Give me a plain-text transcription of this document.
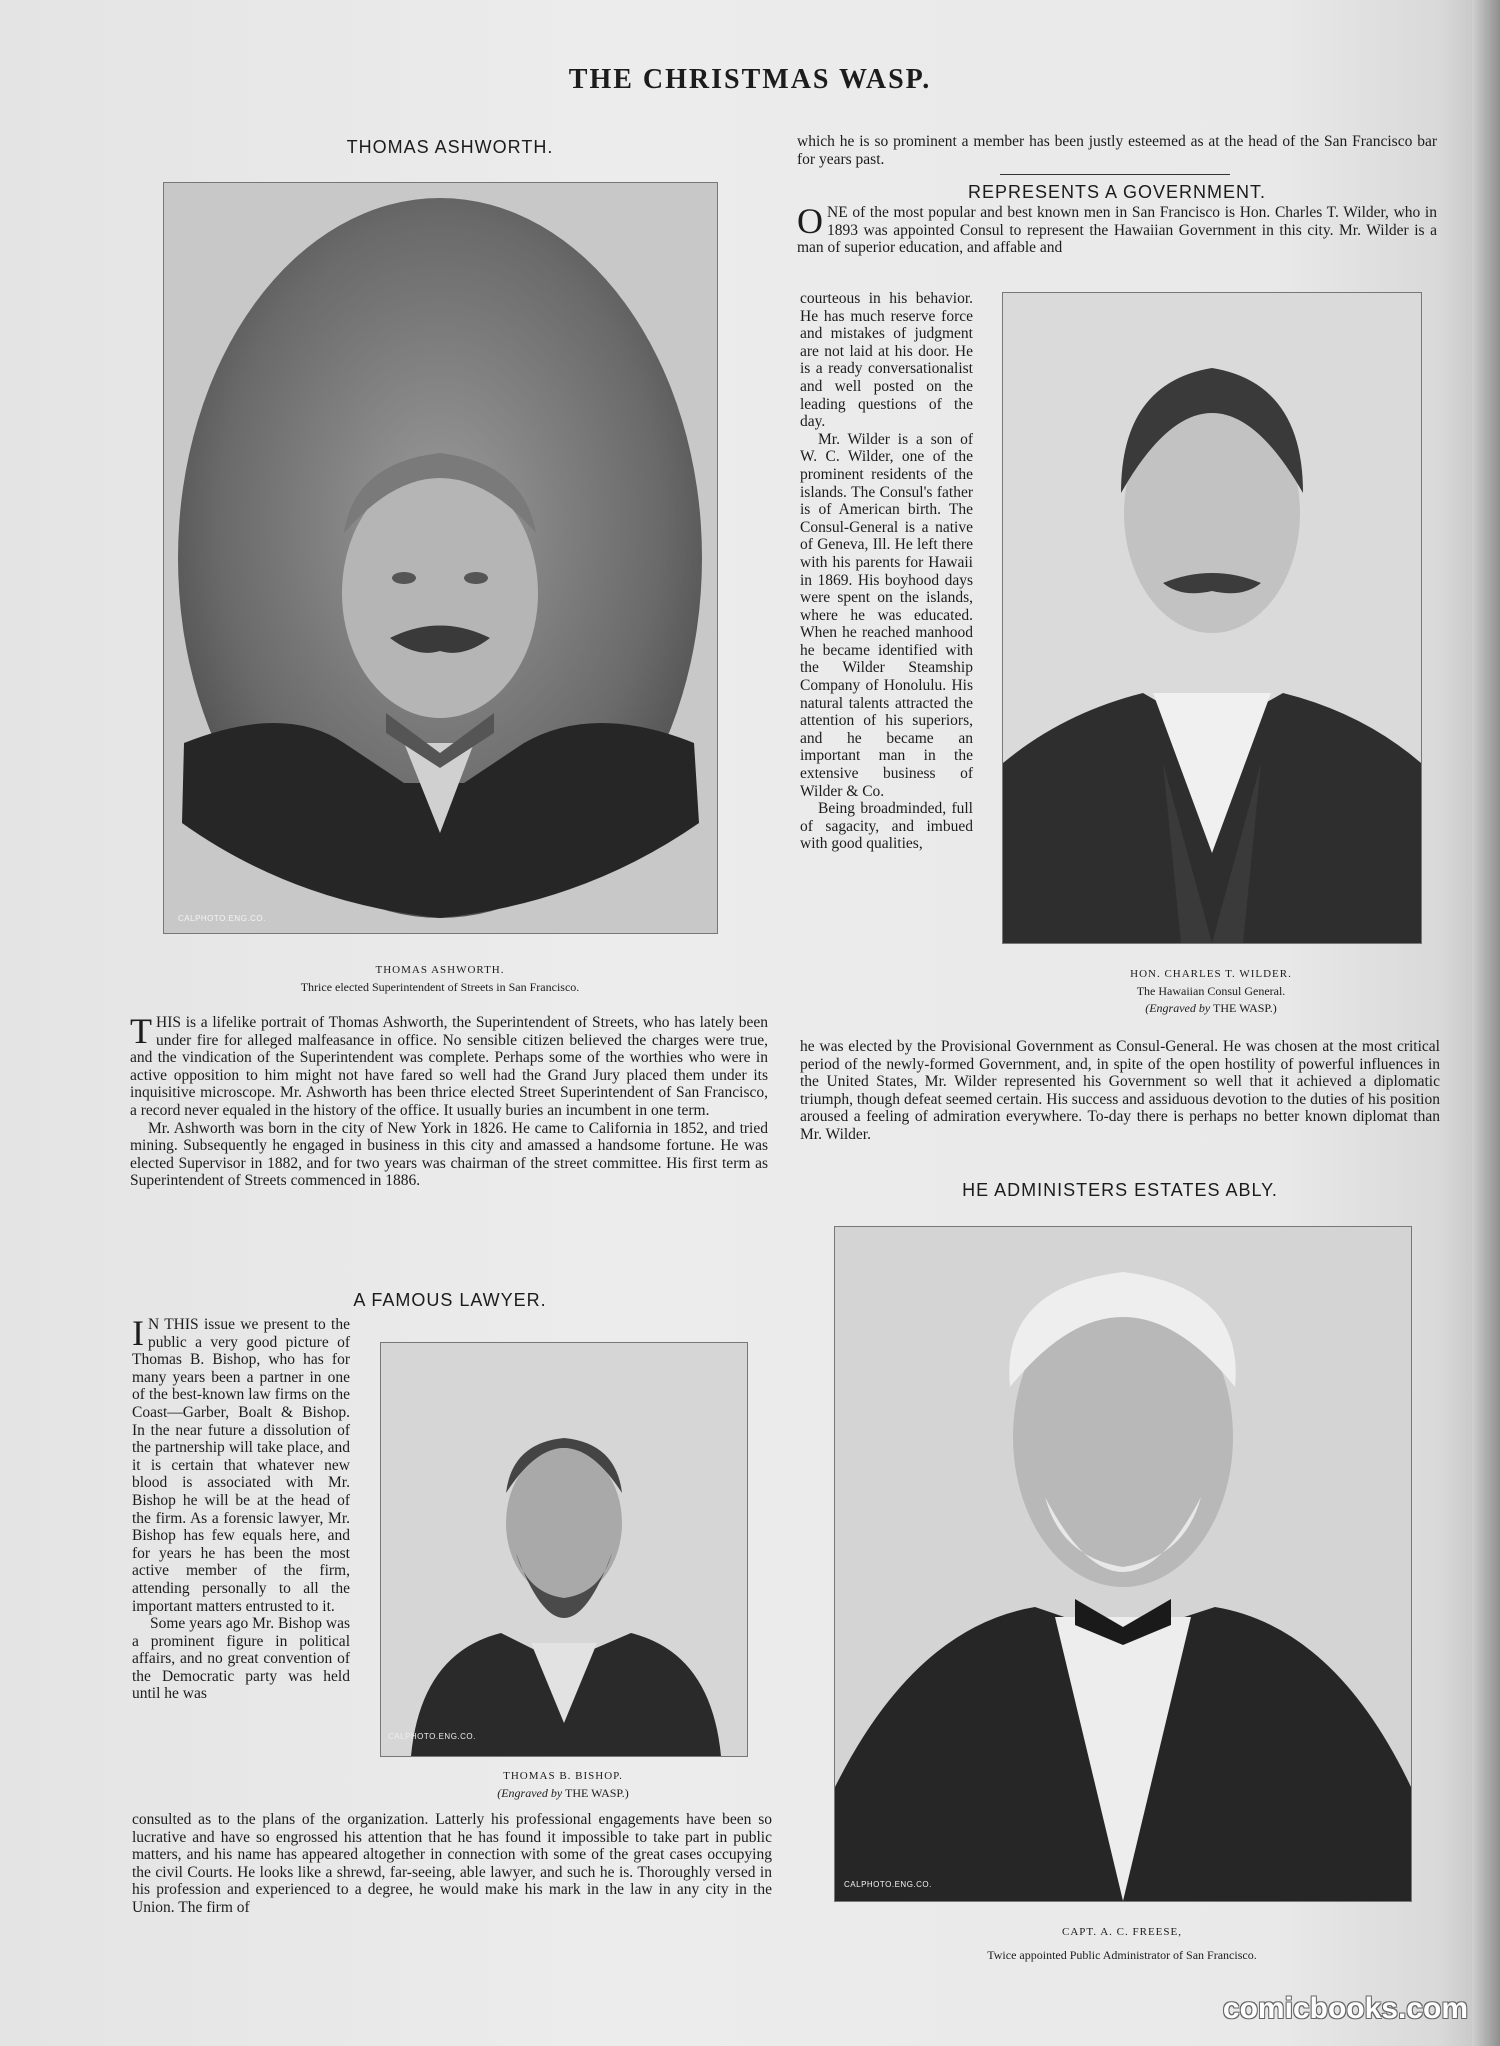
THE CHRISTMAS WASP.
THOMAS ASHWORTH.
CALPHOTO.ENG.CO.
THOMAS ASHWORTH.
Thrice elected Superintendent of Streets in San Francisco.

THIS is a lifelike portrait of Thomas Ashworth, the Superintendent of Streets, who has lately been under fire for alleged malfeasance in office. No sensible citizen believed the charges were true, and the vindication of the Superintendent was complete. Perhaps some of the worthies who were in active opposition to him might not have fared so well had the Grand Jury placed them under its inquisitive microscope. Mr. Ashworth has been thrice elected Street Superintendent of San Francisco, a record never equaled in the history of the office. It usually buries an incumbent in one term.

Mr. Ashworth was born in the city of New York in 1826. He came to California in 1852, and tried mining. Subsequently he engaged in business in this city and amassed a handsome fortune. He was elected Supervisor in 1882, and for two years was chairman of the street committee. His first term as Superintendent of Streets commenced in 1886.

A FAMOUS LAWYER.

I N THIS issue we present to the public a very good picture of Thomas B. Bishop, who has for many years been a partner in one of the best-known law firms on the Coast—Garber, Boalt & Bishop. In the near future a dissolution of the partnership will take place, and it is certain that whatever new blood is associated with Mr. Bishop he will be at the head of the firm. As a forensic lawyer, Mr. Bishop has few equals here, and for years he has been the most active member of the firm, attending personally to all the important matters entrusted to it.

Some years ago Mr. Bishop was a prominent figure in political affairs, and no great convention of the Democratic party was held until he was

CALPHOTO.ENG.CO.
THOMAS B. BISHOP.
(Engraved by THE WASP.)

consulted as to the plans of the organization. Latterly his professional engagements have been so lucrative and have so engrossed his attention that he has found it impossible to take part in public matters, and his name has appeared altogether in connection with some of the great cases occupying the civil Courts. He looks like a shrewd, far-seeing, able lawyer, and such he is. Thoroughly versed in his profession and experienced to a degree, he would make his mark in the law in any city in the Union. The firm of

which he is so prominent a member has been justly esteemed as at the head of the San Francisco bar for years past.

REPRESENTS A GOVERNMENT.

ONE of the most popular and best known men in San Francisco is Hon. Charles T. Wilder, who in 1893 was appointed Consul to represent the Hawaiian Government in this city. Mr. Wilder is a man of superior education, and affable and

courteous in his behavior. He has much reserve force and mistakes of judgment are not laid at his door. He is a ready conversationalist and well posted on the leading questions of the day.

Mr. Wilder is a son of W. C. Wilder, one of the prominent residents of the islands. The Consul's father is of American birth. The Consul-General is a native of Geneva, Ill. He left there with his parents for Hawaii in 1869. His boyhood days were spent on the islands, where he was educated. When he reached manhood he became identified with the Wilder Steamship Company of Honolulu. His natural talents attracted the attention of his superiors, and he became an important man in the extensive business of Wilder & Co.

Being broadminded, full of sagacity, and imbued with good qualities,

HON. CHARLES T. WILDER.
The Hawaiian Consul General.
(Engraved by THE WASP.)

he was elected by the Provisional Government as Consul-General. He was chosen at the most critical period of the newly-formed Government, and, in spite of the open hostility of powerful influences in the United States, Mr. Wilder represented his Government so well that it achieved a diplomatic triumph, though defeat seemed certain. His success and assiduous devotion to the duties of his position aroused a feeling of admiration everywhere. To-day there is perhaps no better known diplomat than Mr. Wilder.

HE ADMINISTERS ESTATES ABLY.
CALPHOTO.ENG.CO.
CAPT. A. C. FREESE,
Twice appointed Public Administrator of San Francisco.
comicbooks.com
